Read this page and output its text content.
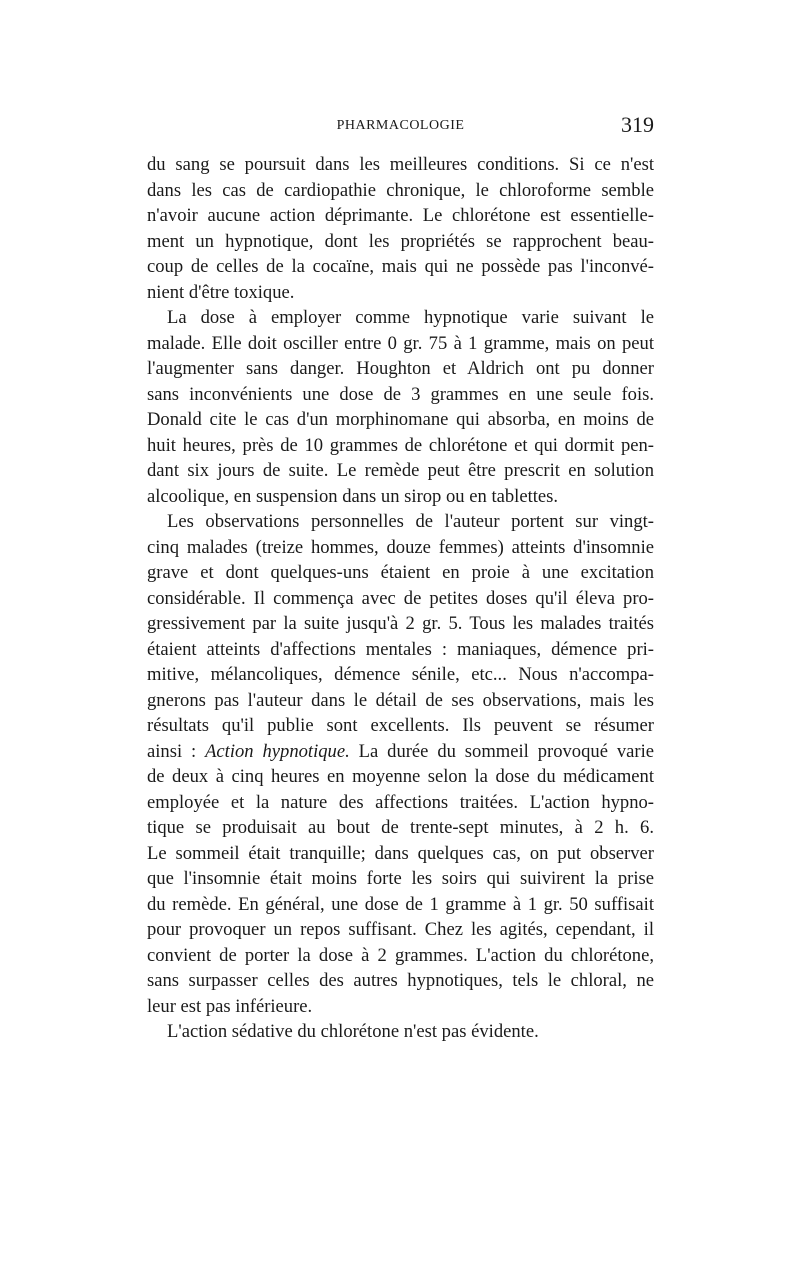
PHARMACOLOGIE	319

du sang se poursuit dans les meilleures conditions. Si ce n'est
dans les cas de cardiopathie chronique, le chloroforme semble
n'avoir aucune action déprimante. Le chlorétone est essentielle-
ment un hypnotique, dont les propriétés se rapprochent beau-
coup de celles de la cocaïne, mais qui ne possède pas l'inconvé-
nient d'être toxique.

La dose à employer comme hypnotique varie suivant le
malade. Elle doit osciller entre 0 gr. 75 à 1 gramme, mais on peut
l'augmenter sans danger. Houghton et Aldrich ont pu donner
sans inconvénients une dose de 3 grammes en une seule fois.
Donald cite le cas d'un morphinomane qui absorba, en moins de
huit heures, près de 10 grammes de chlorétone et qui dormit pen-
dant six jours de suite. Le remède peut être prescrit en solution
alcoolique, en suspension dans un sirop ou en tablettes.

Les observations personnelles de l'auteur portent sur vingt-
cinq malades (treize hommes, douze femmes) atteints d'insomnie
grave et dont quelques-uns étaient en proie à une excitation
considérable. Il commença avec de petites doses qu'il éleva pro-
gressivement par la suite jusqu'à 2 gr. 5. Tous les malades traités
étaient atteints d'affections mentales : maniaques, démence pri-
mitive, mélancoliques, démence sénile, etc... Nous n'accompa-
gnerons pas l'auteur dans le détail de ses observations, mais les
résultats qu'il publie sont excellents. Ils peuvent se résumer
ainsi : Action hypnotique. La durée du sommeil provoqué varie
de deux à cinq heures en moyenne selon la dose du médicament
employée et la nature des affections traitées. L'action hypno-
tique se produisait au bout de trente-sept minutes, à 2 h. 6.
Le sommeil était tranquille; dans quelques cas, on put observer
que l'insomnie était moins forte les soirs qui suivirent la prise
du remède. En général, une dose de 1 gramme à 1 gr. 50 suffisait
pour provoquer un repos suffisant. Chez les agités, cependant, il
convient de porter la dose à 2 grammes. L'action du chlorétone,
sans surpasser celles des autres hypnotiques, tels le chloral, ne
leur est pas inférieure.

L'action sédative du chlorétone n'est pas évidente.
